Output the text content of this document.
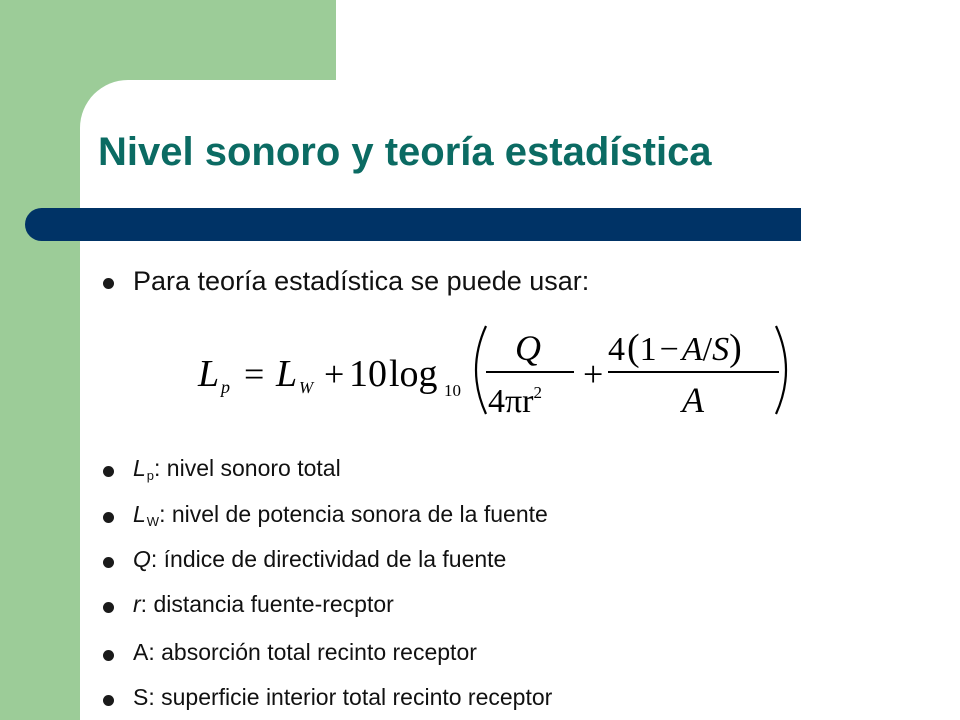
Nivel sonoro y teoría estadística
Para teoría estadística se puede usar:
L p = L W + 10 log 10
Q
$4\pi r^2$ +
4(1−A/S)
A
$L_p$: nivel sonoro total
$L_W$: nivel de potencia sonora de la fuente
Q: índice de directividad de la fuente
r: distancia fuente-recptor
A: absorción total recinto receptor
S: superficie interior total recinto receptor
